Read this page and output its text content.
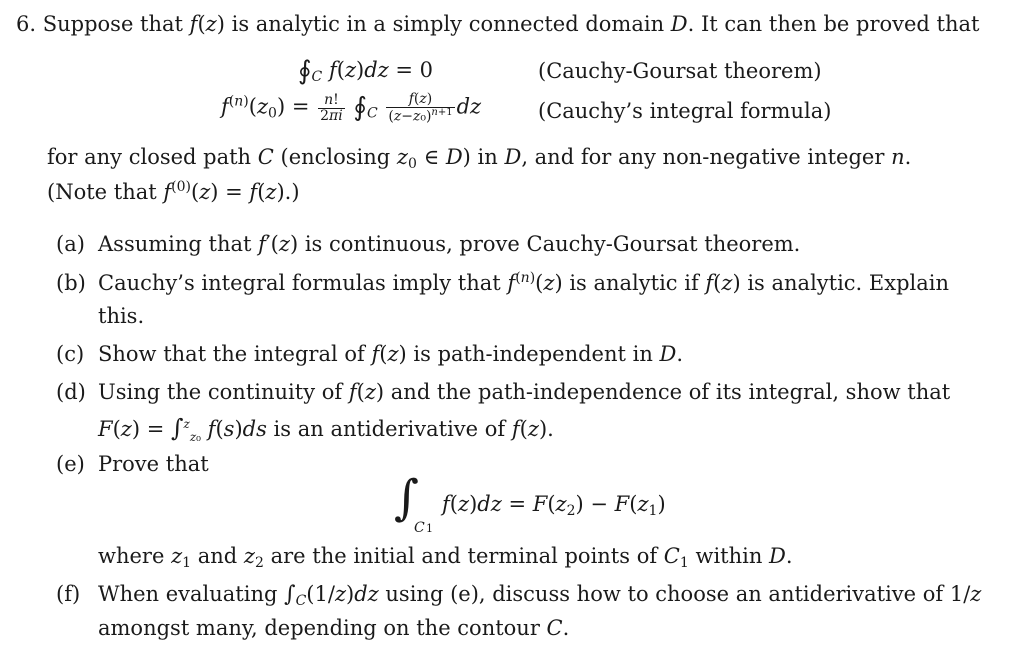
6. Suppose that f(z) is analytic in a simply connected domain D. It can then be proved that
∮C f(z)dz = 0	(Cauchy-Goursat theorem)
$f^{(n)}(z_0) = \frac{n!}{2\pi i}$ ∮C $\frac{f(z)}{(z-z_0)^{n+1}}$ dz	(Cauchy’s integral formula)
for any closed path C (enclosing $z_0$ ∈ D) in D, and for any non-negative integer n.
(Note that $f^{(0)}(z) = f(z)$.)
(a) Assuming that f′(z) is continuous, prove Cauchy-Goursat theorem.
(b) Cauchy’s integral formulas imply that $f^{(n)}(z)$ is analytic if f(z) is analytic. Explain
this.
(c) Show that the integral of f(z) is path-independent in D.
(d) Using the continuity of f(z) and the path-independence of its integral, show that
F(z) = ∫$^z_{z_0}$ f(s)ds is an antiderivative of f(z).
(e) Prove that
∫
C 1
$f(z)dz = F(z_2) - F(z_1)$
where $z_1$ and $z_2$ are the initial and terminal points of $C_1$ within D.
(f) When evaluating ∫C(1/z)dz using (e), discuss how to choose an antiderivative of 1/z
amongst many, depending on the contour C.
